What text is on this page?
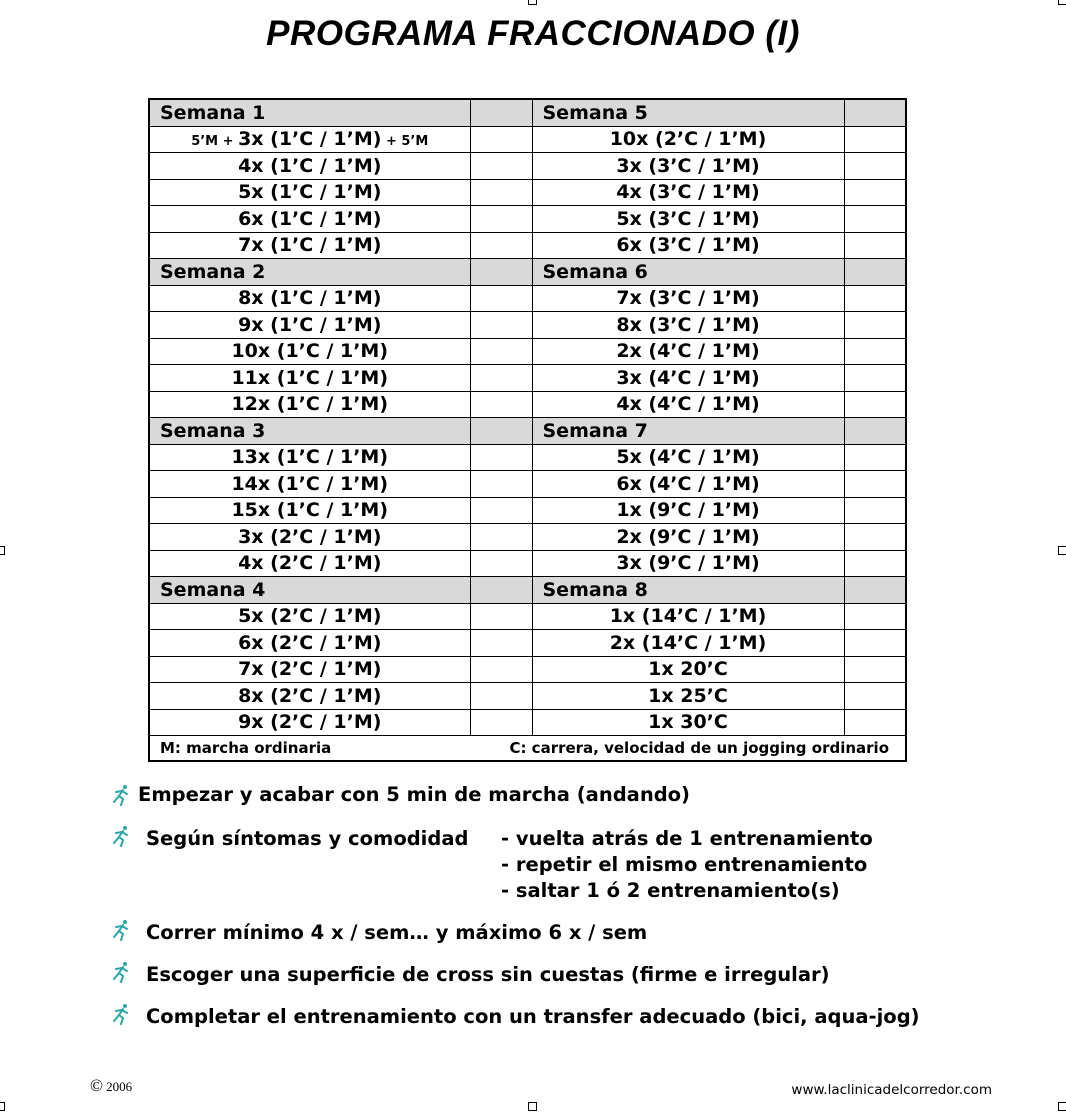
PROGRAMA FRACCIONADO (I)
Semana 1		Semana 5	
5’M + 3x (1’C / 1’M) + 5’M		10x (2’C / 1’M)	
4x (1’C / 1’M)		3x (3’C / 1’M)	
5x (1’C / 1’M)		4x (3’C / 1’M)	
6x (1’C / 1’M)		5x (3’C / 1’M)	
7x (1’C / 1’M)		6x (3’C / 1’M)	
Semana 2		Semana 6	
8x (1’C / 1’M)		7x (3’C / 1’M)	
9x (1’C / 1’M)		8x (3’C / 1’M)	
10x (1’C / 1’M)		2x (4’C / 1’M)	
11x (1’C / 1’M)		3x (4’C / 1’M)	
12x (1’C / 1’M)		4x (4’C / 1’M)	
Semana 3		Semana 7	
13x (1’C / 1’M)		5x (4’C / 1’M)	
14x (1’C / 1’M)		6x (4’C / 1’M)	
15x (1’C / 1’M)		1x (9’C / 1’M)	
3x (2’C / 1’M)		2x (9’C / 1’M)	
4x (2’C / 1’M)		3x (9’C / 1’M)	
Semana 4		Semana 8	
5x (2’C / 1’M)		1x (14’C / 1’M)	
6x (2’C / 1’M)		2x (14’C / 1’M)	
7x (2’C / 1’M)		1x 20’C	
8x (2’C / 1’M)		1x 25’C	
9x (2’C / 1’M)		1x 30’C	
M: marcha ordinaria C: carrera, velocidad de un jogging ordinario			
Empezar y acabar con 5 min de marcha (andando)
Según síntomas y comodidad - vuelta atrás de 1 entrenamiento
- repetir el mismo entrenamiento
- saltar 1 ó 2 entrenamiento(s)
Correr mínimo 4 x / sem… y máximo 6 x / sem
Escoger una superficie de cross sin cuestas (firme e irregular)
Completar el entrenamiento con un transfer adecuado (bici, aqua-jog)
© 2006	www.laclinicadelcorredor.com
